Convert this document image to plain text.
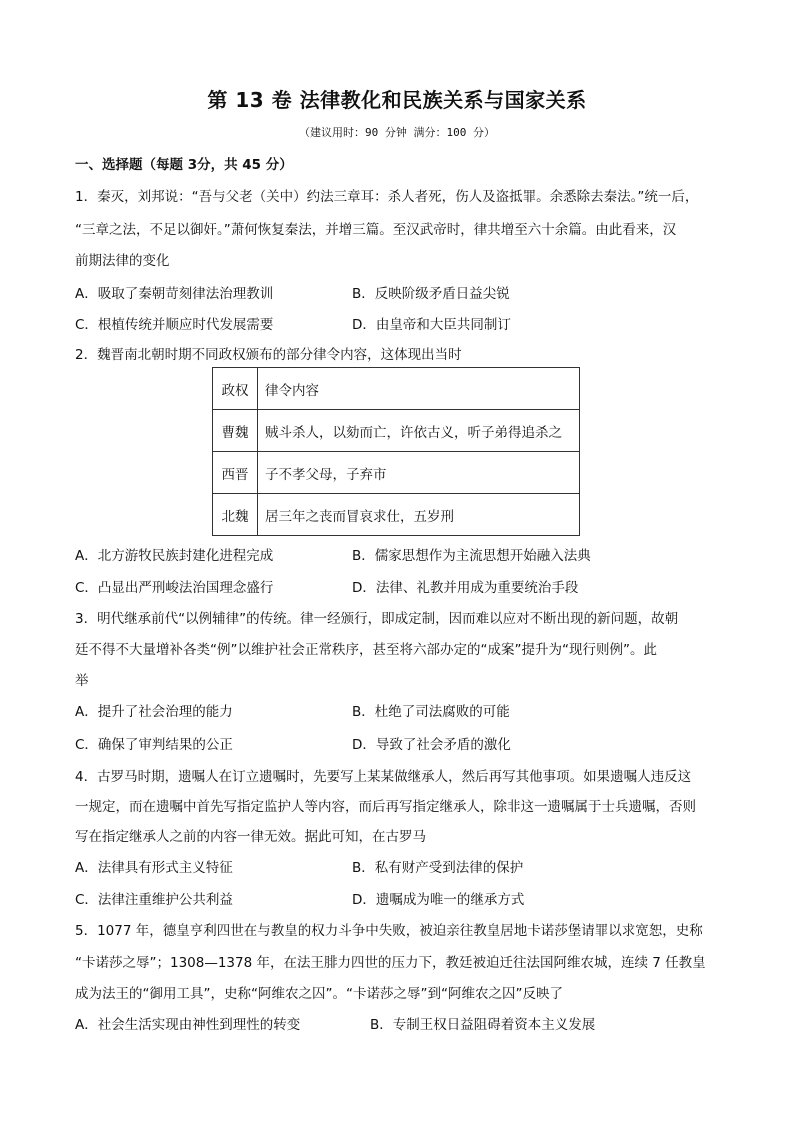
第 13 卷 法律教化和民族关系与国家关系
（建议用时：90 分钟 满分：100 分）
一、选择题（每题 3分，共 45 分）
1．秦灭，刘邦说：“吾与父老（关中）约法三章耳：杀人者死，伤人及盗抵罪。余悉除去秦法。”统一后，
“三章之法，不足以御奸。”萧何恢复秦法，并增三篇。至汉武帝时，律共增至六十余篇。由此看来，汉
前期法律的变化
A．吸取了秦朝苛刻律法治理教训	B．反映阶级矛盾日益尖锐
C．根植传统并顺应时代发展需要	D．由皇帝和大臣共同制订
2．魏晋南北朝时期不同政权颁布的部分律令内容，这体现出当时
政权	律令内容
曹魏	贼斗杀人，以劾而亡，许依古义，听子弟得追杀之
西晋	子不孝父母，子弃市
北魏	居三年之丧而冒哀求仕，五岁刑
A．北方游牧民族封建化进程完成	B．儒家思想作为主流思想开始融入法典
C．凸显出严刑峻法治国理念盛行	D．法律、礼教并用成为重要统治手段
3．明代继承前代“以例辅律”的传统。律一经颁行，即成定制，因而难以应对不断出现的新问题，故朝
廷不得不大量增补各类“例”以维护社会正常秩序，甚至将六部办定的“成案”提升为“现行则例”。此
举
A．提升了社会治理的能力	B．杜绝了司法腐败的可能
C．确保了审判结果的公正	D．导致了社会矛盾的激化
4．古罗马时期，遗嘱人在订立遗嘱时，先要写上某某做继承人，然后再写其他事项。如果遗嘱人违反这
一规定，而在遗嘱中首先写指定监护人等内容，而后再写指定继承人，除非这一遗嘱属于士兵遗嘱，否则
写在指定继承人之前的内容一律无效。据此可知，在古罗马
A．法律具有形式主义特征	B．私有财产受到法律的保护
C．法律注重维护公共利益	D．遗嘱成为唯一的继承方式
5．1077 年，德皇亨利四世在与教皇的权力斗争中失败，被迫亲往教皇居地卡诺莎堡请罪以求宽恕，史称
“卡诺莎之辱”；1308—1378 年，在法王腓力四世的压力下，教廷被迫迁往法国阿维农城，连续 7 任教皇
成为法王的“御用工具”，史称“阿维农之囚”。“卡诺莎之辱”到“阿维农之囚”反映了
A．社会生活实现由神性到理性的转变	B．专制王权日益阻碍着资本主义发展
